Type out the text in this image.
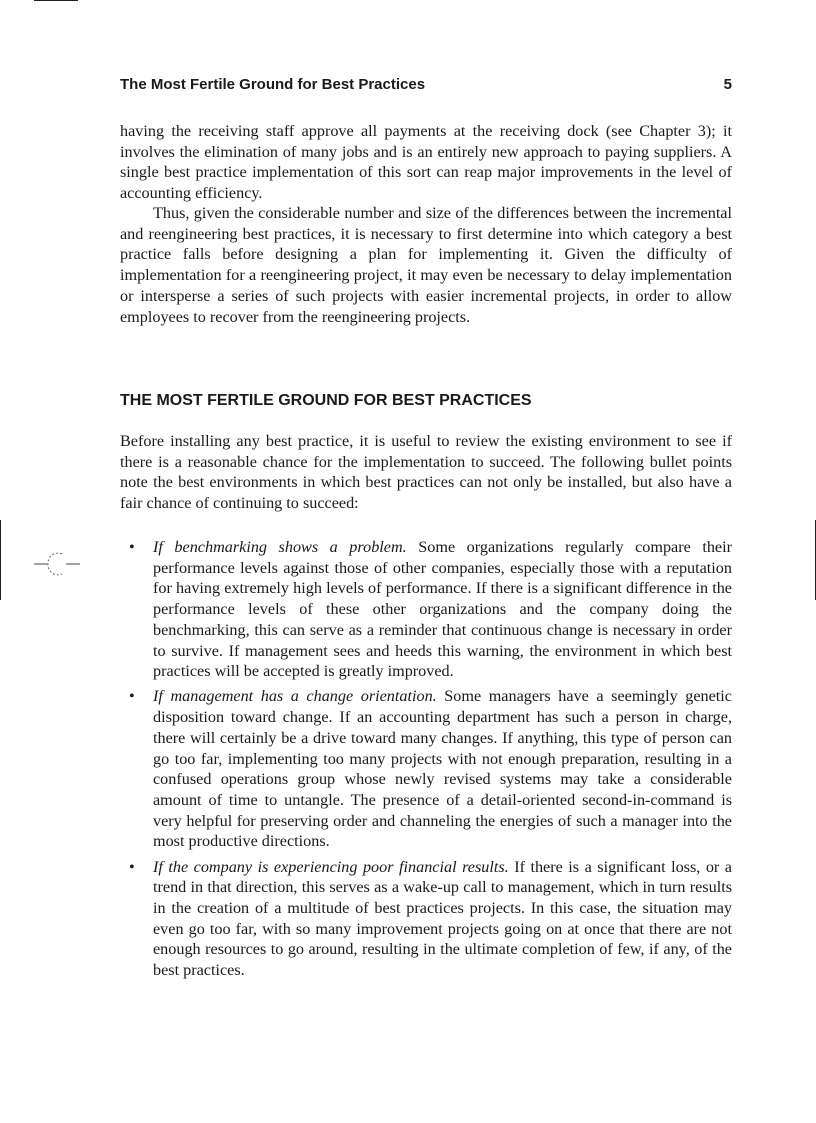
The Most Fertile Ground for Best Practices	5

having the receiving staff approve all payments at the receiving dock (see Chapter 3); it involves the elimination of many jobs and is an entirely new approach to paying suppliers. A single best practice implementation of this sort can reap major improvements in the level of accounting efficiency.

Thus, given the considerable number and size of the differences between the incremental and reengineering best practices, it is necessary to first determine into which category a best practice falls before designing a plan for implementing it. Given the difficulty of implementation for a reengineering project, it may even be necessary to delay implementation or intersperse a series of such projects with easier incremental projects, in order to allow employees to recover from the reengineering projects.

THE MOST FERTILE GROUND FOR BEST PRACTICES

Before installing any best practice, it is useful to review the existing environment to see if there is a reasonable chance for the implementation to succeed. The following bullet points note the best environments in which best practices can not only be installed, but also have a fair chance of continuing to succeed:

• If benchmarking shows a problem. Some organizations regularly compare their performance levels against those of other companies, especially those with a reputation for having extremely high levels of performance. If there is a significant difference in the performance levels of these other organizations and the company doing the benchmarking, this can serve as a reminder that continuous change is necessary in order to survive. If management sees and heeds this warning, the environment in which best practices will be accepted is greatly improved.
• If management has a change orientation. Some managers have a seemingly genetic disposition toward change. If an accounting department has such a person in charge, there will certainly be a drive toward many changes. If anything, this type of person can go too far, implementing too many projects with not enough preparation, resulting in a confused operations group whose newly revised systems may take a considerable amount of time to untangle. The presence of a detail-oriented second-in-command is very helpful for preserving order and channeling the energies of such a manager into the most productive directions.
• If the company is experiencing poor financial results. If there is a significant loss, or a trend in that direction, this serves as a wake-up call to management, which in turn results in the creation of a multitude of best practices projects. In this case, the situation may even go too far, with so many improvement projects going on at once that there are not enough resources to go around, resulting in the ultimate completion of few, if any, of the best practices.
